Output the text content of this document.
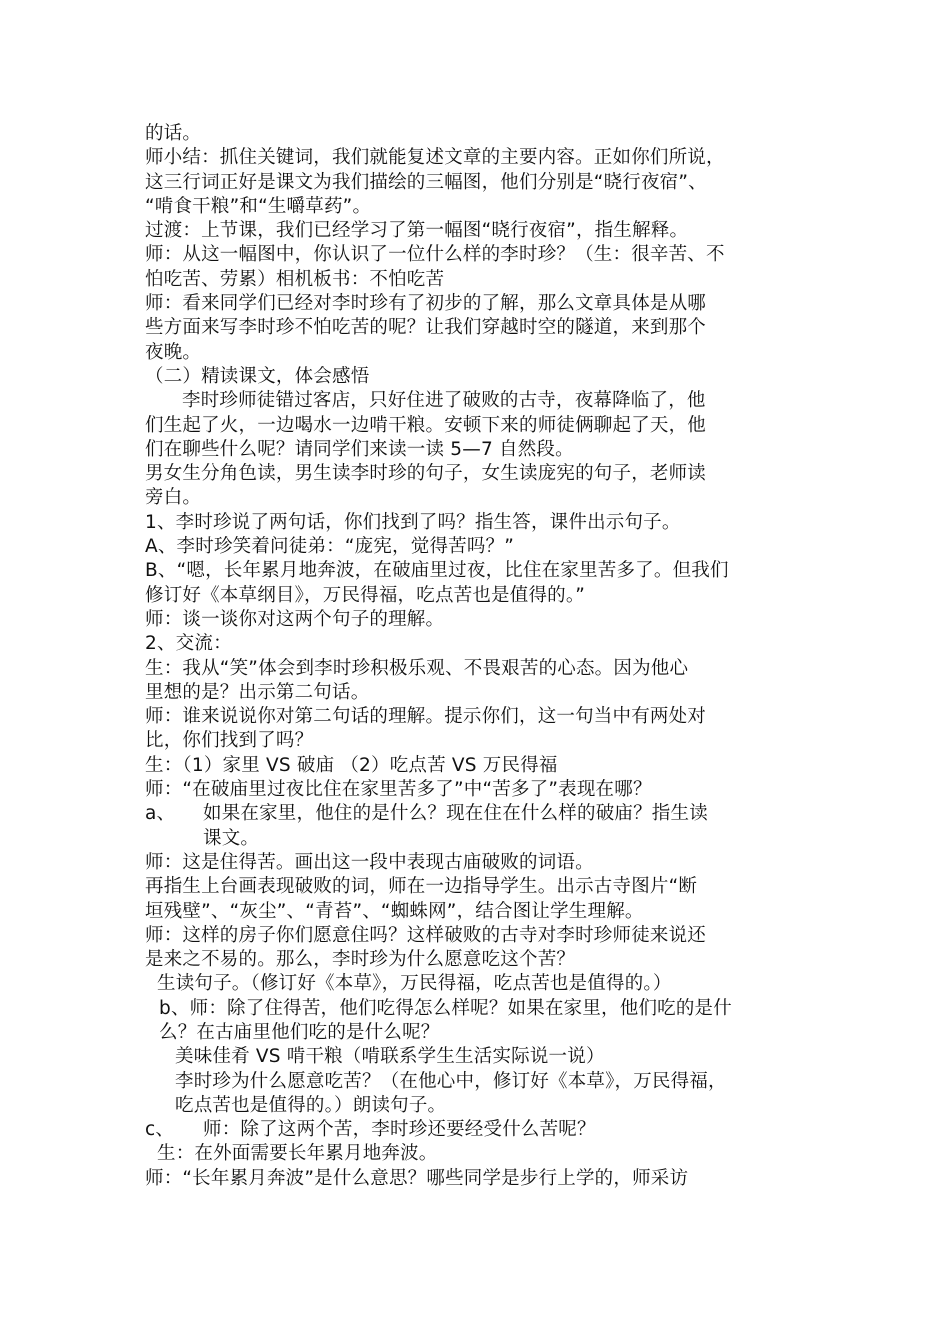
的话。
师小结：抓住关键词，我们就能复述文章的主要内容。正如你们所说，
这三行词正好是课文为我们描绘的三幅图，他们分别是“晓行夜宿”、
“啃食干粮”和“生嚼草药”。
过渡：上节课，我们已经学习了第一幅图“晓行夜宿”，指生解释。
师：从这一幅图中，你认识了一位什么样的李时珍？（生：很辛苦、不
怕吃苦、劳累）相机板书：不怕吃苦
师：看来同学们已经对李时珍有了初步的了解，那么文章具体是从哪
些方面来写李时珍不怕吃苦的呢？让我们穿越时空的隧道，来到那个
夜晚。
（二）精读课文，体会感悟
李时珍师徒错过客店，只好住进了破败的古寺，夜幕降临了，他
们生起了火，一边喝水一边啃干粮。安顿下来的师徒俩聊起了天，他
们在聊些什么呢？请同学们来读一读 5—7 自然段。
男女生分角色读，男生读李时珍的句子，女生读庞宪的句子，老师读
旁白。
1、李时珍说了两句话，你们找到了吗？指生答，课件出示句子。
A、李时珍笑着问徒弟：“庞宪，觉得苦吗？”
B、“嗯，长年累月地奔波，在破庙里过夜，比住在家里苦多了。但我们
修订好《本草纲目》，万民得福，吃点苦也是值得的。”
师：谈一谈你对这两个句子的理解。
2、交流：
生：我从“笑”体会到李时珍积极乐观、不畏艰苦的心态。因为他心
里想的是？出示第二句话。
师：谁来说说你对第二句话的理解。提示你们，这一句当中有两处对
比，你们找到了吗？
生：（1）家里 VS 破庙 （2）吃点苦 VS 万民得福
师：“在破庙里过夜比住在家里苦多了”中“苦多了”表现在哪？
a、 如果在家里，他住的是什么？现在住在什么样的破庙？指生读
课文。
师：这是住得苦。画出这一段中表现古庙破败的词语。
再指生上台画表现破败的词，师在一边指导学生。出示古寺图片“断
垣残壁”、“灰尘”、“青苔”、“蜘蛛网”，结合图让学生理解。
师：这样的房子你们愿意住吗？这样破败的古寺对李时珍师徒来说还
是来之不易的。那么，李时珍为什么愿意吃这个苦？
生读句子。（修订好《本草》，万民得福，吃点苦也是值得的。）
b、师：除了住得苦，他们吃得怎么样呢？如果在家里，他们吃的是什
么？在古庙里他们吃的是什么呢？
美味佳肴 VS 啃干粮（啃联系学生生活实际说一说）
李时珍为什么愿意吃苦？（在他心中，修订好《本草》，万民得福，
吃点苦也是值得的。）朗读句子。
c、 师：除了这两个苦，李时珍还要经受什么苦呢？
生：在外面需要长年累月地奔波。
师：“长年累月奔波”是什么意思？哪些同学是步行上学的，师采访
